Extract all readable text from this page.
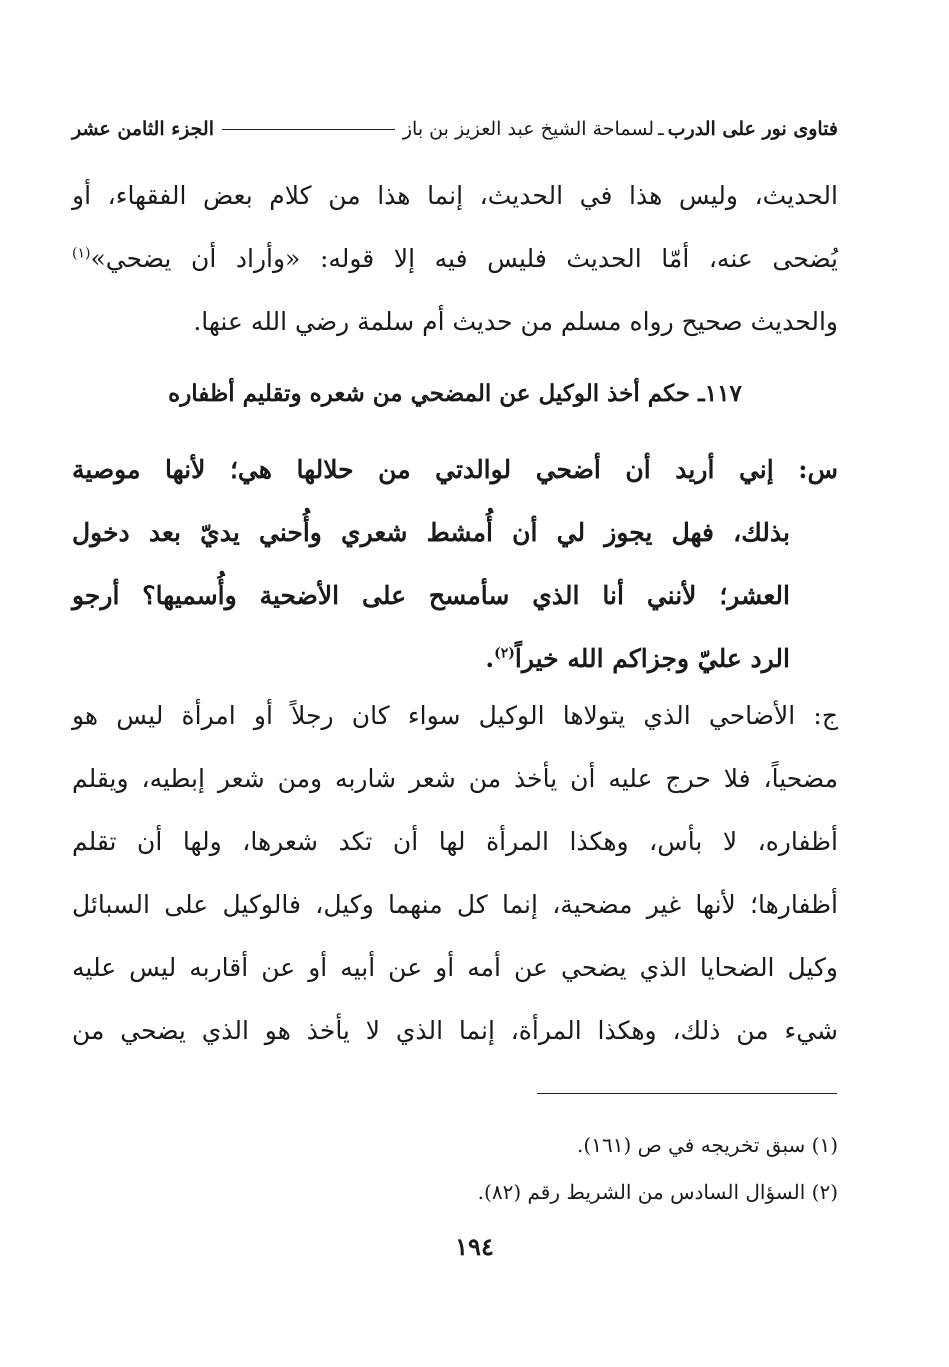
فتاوى نور على الدرب
ـ
لسماحة الشيخ عبد العزيز بن باز
الجزء الثامن عشر
الحديث، وليس هذا في الحديث، إنما هذا من كلام بعض الفقهاء، أو
يُضحى عنه، أمّا الحديث فليس فيه إلا قوله: «وأراد أن يضحي»$^{(١)}$
والحديث صحيح رواه مسلم من حديث أم سلمة رضي الله عنها.
١١٧ـ حكم أخذ الوكيل عن المضحي من شعره وتقليم أظفاره
س: إني أريد أن أضحي لوالدتي من حلالها هي؛ لأنها موصية
بذلك، فهل يجوز لي أن أُمشط شعري وأُحني يديّ بعد دخول
العشر؛ لأنني أنا الذي سأمسح على الأضحية وأُسميها؟ أرجو
الرد عليّ وجزاكم الله خيراً$^{(٢)}$.
ج: الأضاحي الذي يتولاها الوكيل سواء كان رجلاً أو امرأة ليس هو
مضحياً، فلا حرج عليه أن يأخذ من شعر شاربه ومن شعر إبطيه، ويقلم
أظفاره، لا بأس، وهكذا المرأة لها أن تكد شعرها، ولها أن تقلم
أظفارها؛ لأنها غير مضحية، إنما كل منهما وكيل، فالوكيل على السبائل
وكيل الضحايا الذي يضحي عن أمه أو عن أبيه أو عن أقاربه ليس عليه
شيء من ذلك، وهكذا المرأة، إنما الذي لا يأخذ هو الذي يضحي من
(١) سبق تخريجه في ص (١٦١).
(٢) السؤال السادس من الشريط رقم (٨٢).
١٩٤
